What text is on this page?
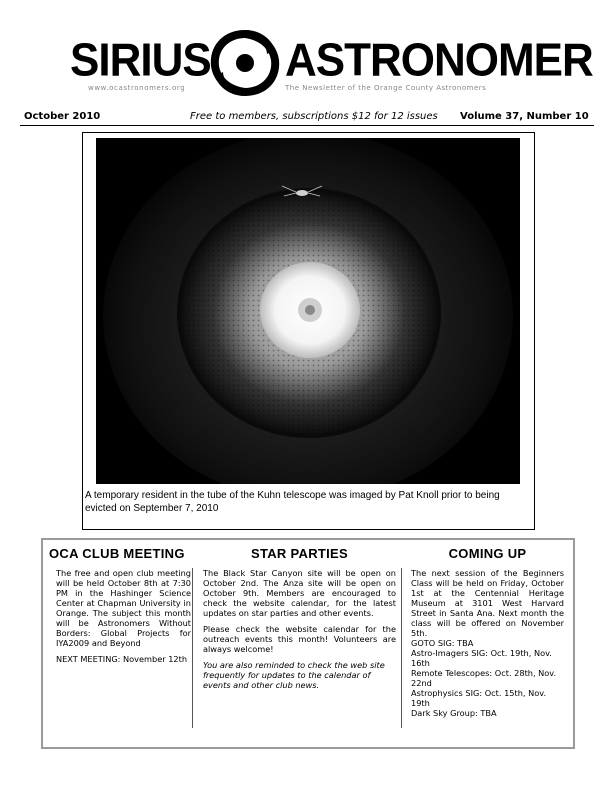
SIRIUS ASTRONOMER
www.ocastronomers.org	The Newsletter of the Orange County Astronomers
October 2010	Free to members, subscriptions $12 for 12 issues Volume 37, Number 10
A temporary resident in the tube of the Kuhn telescope was imaged by Pat Knoll prior to being evicted on September 7, 2010
OCA CLUB MEETING

The free and open club meeting will be held October 8th at 7:30 PM in the Hashinger Science Center at Chapman University in Orange. The subject this month will be Astronomers Without Borders: Global Projects for IYA2009 and Beyond

NEXT MEETING: November 12th

STAR PARTIES

The Black Star Canyon site will be open on October 2nd. The Anza site will be open on October 9th. Members are encouraged to check the website calendar, for the latest updates on star parties and other events.

Please check the website calendar for the outreach events this month! Volunteers are always welcome!

You are also reminded to check the web site frequently for updates to the calendar of events and other club news.

COMING UP

The next session of the Beginners Class will be held on Friday, October 1st at the Centennial Heritage Museum at 3101 West Harvard Street in Santa Ana. Next month the class will be offered on November 5th.

GOTO SIG: TBA

Astro-Imagers SIG: Oct. 19th, Nov. 16th

Remote Telescopes: Oct. 28th, Nov. 22nd

Astrophysics SIG: Oct. 15th, Nov. 19th

Dark Sky Group: TBA
